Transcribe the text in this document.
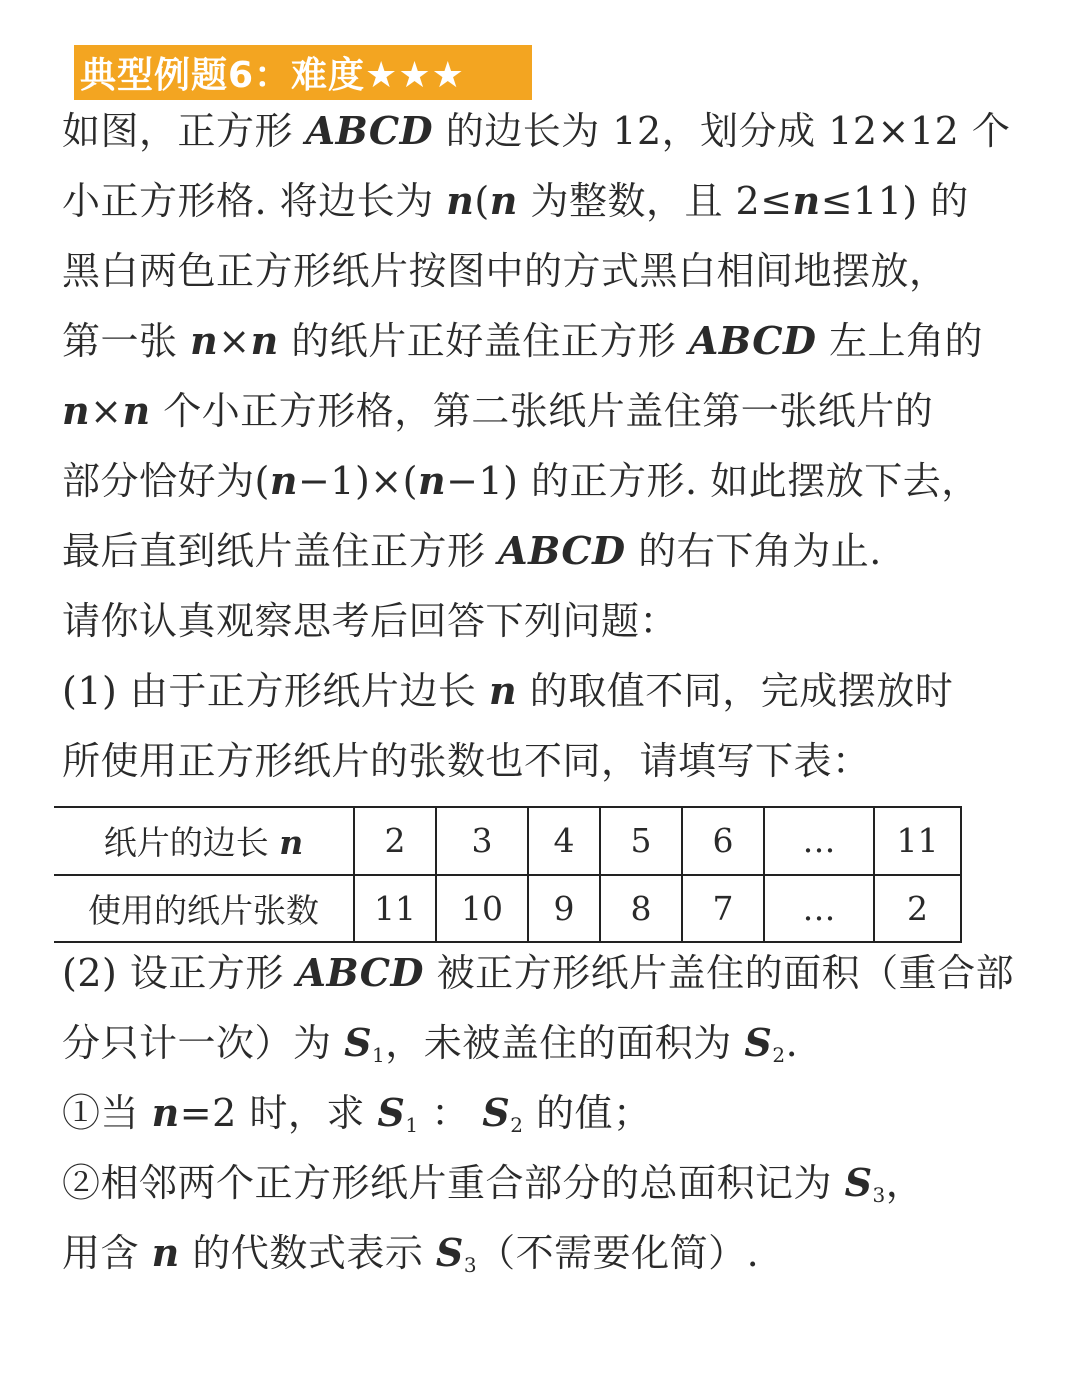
典型例题6：难度★★★
如图，正方形 ABCD 的边长为 12，划分成 12×12 个
小正方形格. 将边长为 n(n 为整数，且 2≤n≤11) 的
黑白两色正方形纸片按图中的方式黑白相间地摆放，
第一张 n×n 的纸片正好盖住正方形 ABCD 左上角的
n×n 个小正方形格，第二张纸片盖住第一张纸片的
部分恰好为(n−1)×(n−1) 的正方形. 如此摆放下去，
最后直到纸片盖住正方形 ABCD 的右下角为止.
请你认真观察思考后回答下列问题：
(1) 由于正方形纸片边长 n 的取值不同，完成摆放时
所使用正方形纸片的张数也不同，请填写下表：
纸片的边长 n	2	3	4	5	6	…	11
使用的纸片张数	11	10	9	8	7	…	2
(2) 设正方形 ABCD 被正方形纸片盖住的面积（重合部
分只计一次）为 $S_1$，未被盖住的面积为 $S_2$.
①当 n=2 时，求 $S_1$ ： $S_2$ 的值；
②相邻两个正方形纸片重合部分的总面积记为 $S_3$，
用含 n 的代数式表示 $S_3$（不需要化简）.
